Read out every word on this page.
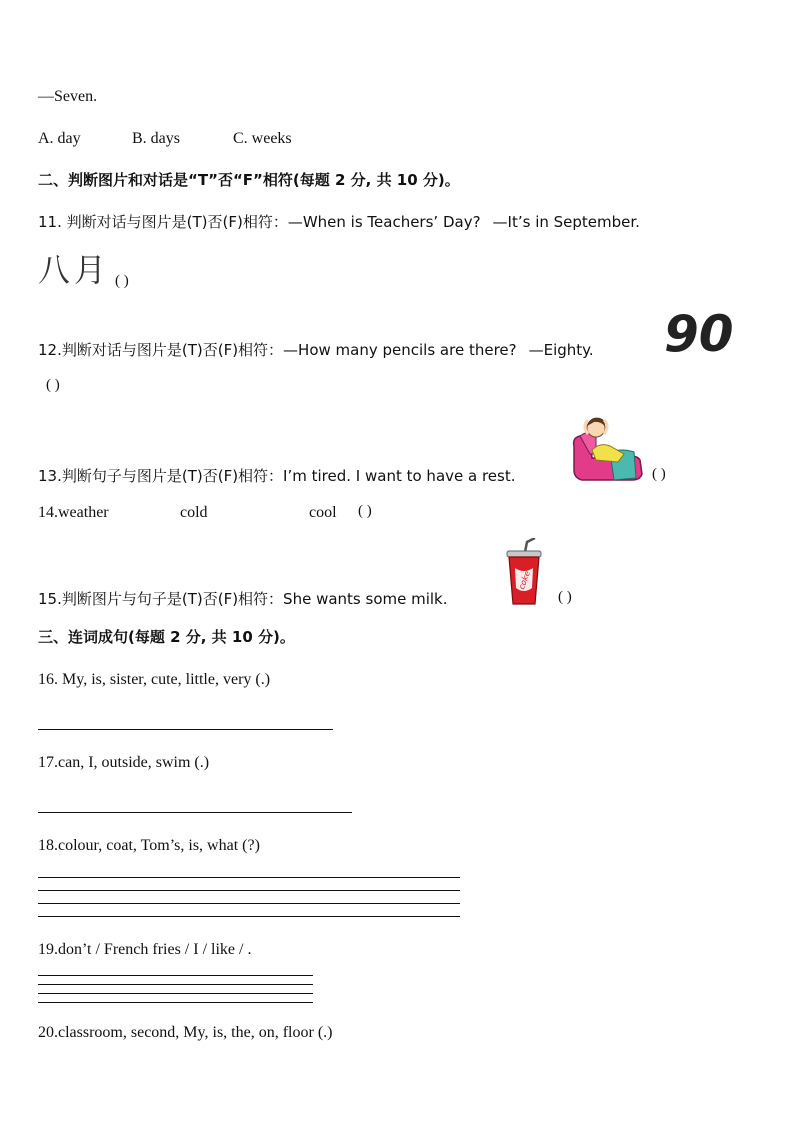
—Seven.
A. day	B. days	C. weeks
二、判断图片和对话是“T”否“F”相符(每题 2 分, 共 10 分)。
11. 判断对话与图片是(T)否(F)相符：—When is Teachers’ Day? —It’s in September.
八月 ( )
12.判断对话与图片是(T)否(F)相符：—How many pencils are there? —Eighty. 90
( )
13.判断句子与图片是(T)否(F)相符：I’m tired. I want to have a rest.	( )
14.weather	cold	cool ( )
15.判断图片与句子是(T)否(F)相符：She wants some milk.
coke
( )
三、连词成句(每题 2 分, 共 10 分)。
16. My, is, sister, cute, little, very (.)
17.can, I, outside, swim (.)
18.colour, coat, Tom’s, is, what (?)
19.don’t / French fries / I / like / .
20.classroom, second, My, is, the, on, floor (.)
